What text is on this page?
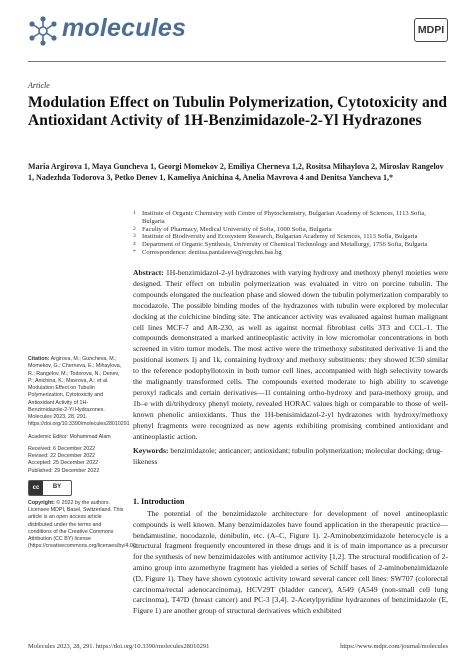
molecules	MDPI
Article
Modulation Effect on Tubulin Polymerization, Cytotoxicity and Antioxidant Activity of 1H-Benzimidazole-2-Yl Hydrazones
Maria Argirova 1, Maya Guncheva 1, Georgi Momekov 2, Emiliya Cherneva 1,2, Rositsa Mihaylova 2, Miroslav Rangelov 1, Nadezhda Todorova 3, Petko Denev 1, Kameliya Anichina 4, Anelia Mavrova 4 and Denitsa Yancheva 1,*
1 Institute of Organic Chemistry with Centre of Phytochemistry, Bulgarian Academy of Sciences, 1113 Sofia, Bulgaria
2 Faculty of Pharmacy, Medical University of Sofia, 1000 Sofia, Bulgaria
3 Institute of Biodiversity and Ecosystem Research, Bulgarian Academy of Sciences, 1113 Sofia, Bulgaria
4 Department of Organic Synthesis, University of Chemical Technology and Metallurgy, 1756 Sofia, Bulgaria
* Correspondence: denitsa.pantaleeva@orgchm.bas.bg
Abstract: 1H-benzimidazol-2-yl hydrazones with varying hydroxy and methoxy phenyl moieties were designed. Their effect on tubulin polymerization was evaluated in vitro on porcine tubulin. The compounds elongated the nucleation phase and slowed down the tubulin polymerization comparably to nocodazole. The possible binding modes of the hydrazones with tubulin were explored by molecular docking at the colchicine binding site. The anticancer activity was evaluated against human malignant cell lines MCF-7 and AR-230, as well as against normal fibroblast cells 3T3 and CCL-1. The compounds demonstrated a marked antineoplastic activity in low micromolar concentrations in both screened in vitro tumor models. The most active were the trimethoxy substituted derivative 1i and the positional isomers 1j and 1k, containing hydroxy and methoxy substituents: they showed IC50 similar to the reference podophyllotoxin in both tumor cell lines, accompanied with high selectivity towards the malignantly transformed cells. The compounds exerted moderate to high ability to scavenge peroxyl radicals and certain derivatives—1l containing ortho-hydroxy and para-methoxy group, and 1b–e with di/trihydroxy phenyl moiety, revealed HORAC values high or comparable to those of well-known phenolic antioxidants. Thus the 1H-benisimidazol-2-yl hydrazones with hydroxy/methoxy phenyl fragments were recognized as new agents exhibiting promising combined antioxidant and antineoplastic action.
Keywords: benzimidazole; anticancer; antioxidant; tubulin polymerization; molecular docking; drug-likeness
Citation: Argirova, M.; Guncheva, M.; Momekov, G.; Cherneva, E.; Mihaylova, R.; Rangelov, M.; Todorova, N.; Denev, P.; Anichina, K.; Mavrova, A.; et al. Modulation Effect on Tubulin Polymerization, Cytotoxicity and Antioxidant Activity of 1H-Benzimidazole-2-Yl Hydrazones. Molecules 2023, 28, 291. https://doi.org/10.3390/molecules28010291
Academic Editor: Mohammad Alam
Received: 6 December 2022
Revised: 22 December 2022
Accepted: 25 December 2022
Published: 29 December 2022
cc	BY
Copyright: © 2022 by the authors. Licensee MDPI, Basel, Switzerland. This article is an open access article distributed under the terms and conditions of the Creative Commons Attribution (CC BY) license (https://creativecommons.org/licenses/by/4.0/).
1. Introduction
The potential of the benzimidazole architecture for development of novel antineoplastic compounds is well known. Many benzimidazoles have found application in the therapeutic practice—bendamustine, nocodazole, denibulin, etc. (A–C, Figure 1). 2-Aminobenzimidazole heterocycle is a structural fragment frequently encountered in these drugs and it is of main importance as a precursor for the synthesis of new benzimidazoles with antitumor activity [1,2]. The structural modification of 2-amino group into azomethyne fragment has yielded a series of Schiff bases of 2-aminobenzimidazole (D, Figure 1). They have shown cytotoxic activity toward several cancer cell lines: SW707 (colorectal carcinoma/rectal adenocarcinoma), HCV29T (bladder cancer), A549 (A549 (non-small cell lung carcinoma), T47D (breast cancer) and PC-3 [3,4]. 2-Acetylpyridine hydrazones of benzimidazole (E, Figure 1) are another group of structural derivatives which exhibited
Molecules 2023, 28, 291. https://doi.org/10.3390/molecules28010291	https://www.mdpi.com/journal/molecules
